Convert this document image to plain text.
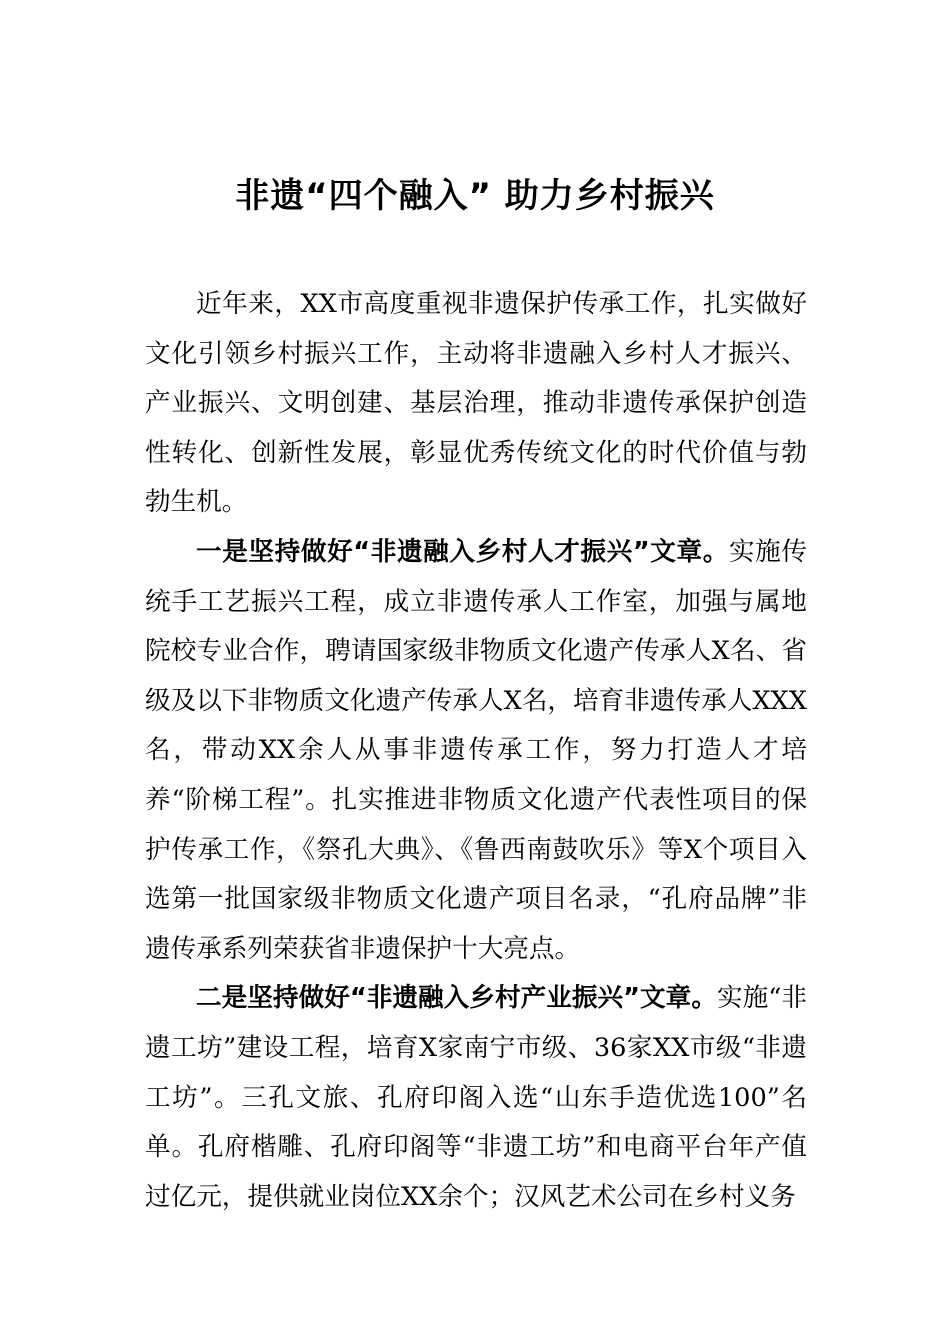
非遗“四个融入” 助力乡村振兴

近年来，XX市高度重视非遗保护传承工作，扎实做好文化引领乡村振兴工作，主动将非遗融入乡村人才振兴、产业振兴、文明创建、基层治理，推动非遗传承保护创造性转化、创新性发展，彰显优秀传统文化的时代价值与勃勃生机。

一是坚持做好“非遗融入乡村人才振兴”文章。实施传统手工艺振兴工程，成立非遗传承人工作室，加强与属地院校专业合作，聘请国家级非物质文化遗产传承人X名、省级及以下非物质文化遗产传承人X名，培育非遗传承人XXX名，带动XX余人从事非遗传承工作，努力打造人才培养“阶梯工程”。扎实推进非物质文化遗产代表性项目的保护传承工作，《祭孔大典》、《鲁西南鼓吹乐》等X个项目入选第一批国家级非物质文化遗产项目名录，“孔府品牌”非遗传承系列荣获省非遗保护十大亮点。

二是坚持做好“非遗融入乡村产业振兴”文章。实施“非遗工坊”建设工程，培育X家南宁市级、36家XX市级“非遗工坊”。三孔文旅、孔府印阁入选“山东手造优选100”名单。孔府楷雕、孔府印阁等“非遗工坊”和电商平台年产值过亿元，提供就业岗位XX余个；汉风艺术公司在乡村义务
